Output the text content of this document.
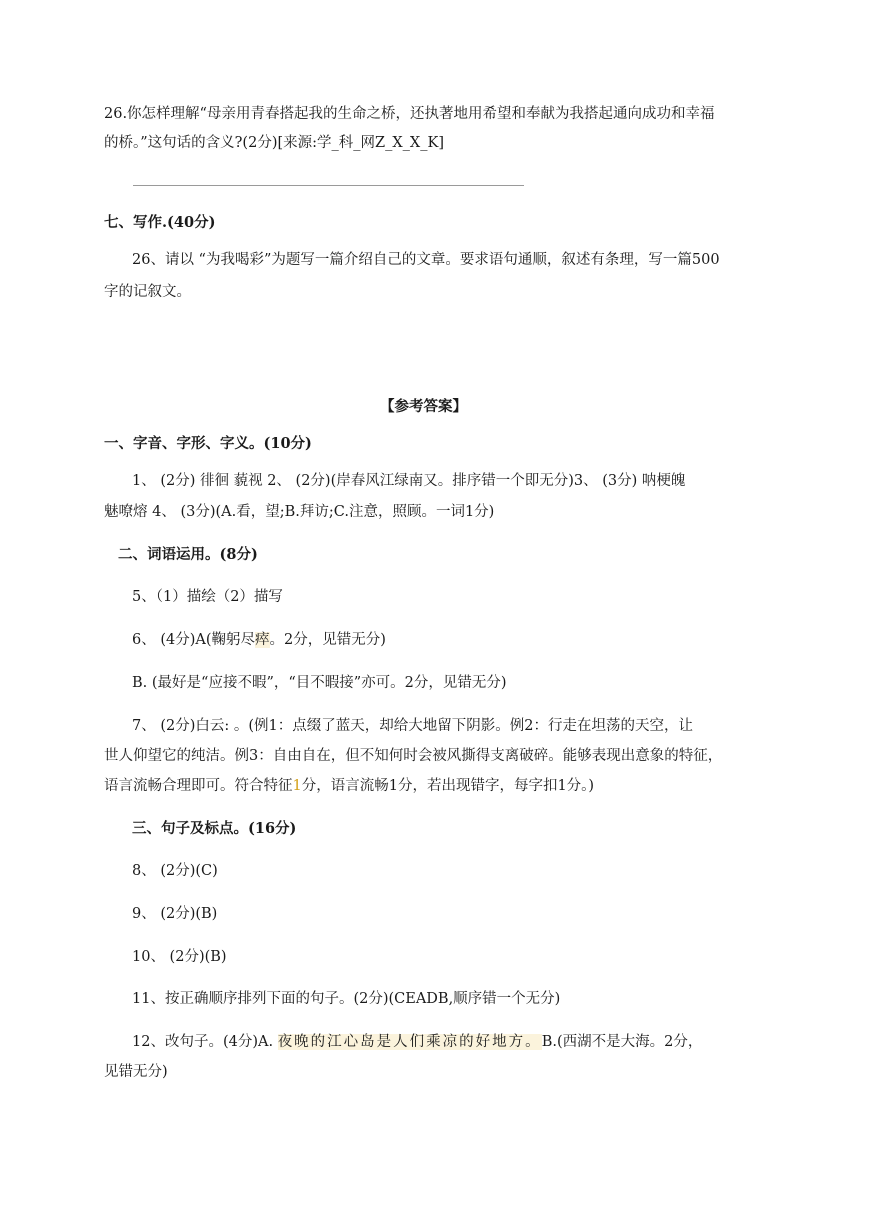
26.你怎样理解“母亲用青春搭起我的生命之桥，还执著地用希望和奉献为我搭起通向成功和幸福
的桥。”这句话的含义?(2分)[来源:学_科_网Z_X_X_K]
七、写作.(40分)
26、请以 “为我喝彩”为题写一篇介绍自己的文章。要求语句通顺，叙述有条理，写一篇500
字的记叙文。
【参考答案】
一、字音、字形、字义。(10分)
1、 (2分) 徘徊 藐视 2、 (2分)(岸春风江绿南又。排序错一个即无分)3、 (3分) 呐梗魄
魅嘹熔 4、 (3分)(A.看，望;B.拜访;C.注意，照顾。一词1分)
二、词语运用。(8分)
5、（1）描绘（2）描写
6、 (4分)A(鞠躬尽瘁。2分，见错无分)
B. (最好是“应接不暇”，“目不暇接”亦可。2分，见错无分)
7、 (2分)白云: 。(例1：点缀了蓝天，却给大地留下阴影。例2：行走在坦荡的天空，让
世人仰望它的纯洁。例3：自由自在，但不知何时会被风撕得支离破碎。能够表现出意象的特征，
语言流畅合理即可。符合特征1分，语言流畅1分，若出现错字，每字扣1分。)
三、句子及标点。(16分)
8、 (2分)(C)
9、 (2分)(B)
10、 (2分)(B)
11、按正确顺序排列下面的句子。(2分)(CEADB,顺序错一个无分)
12、改句子。(4分)A. 夜晚的江心岛是人们乘凉的好地方。B.(西湖不是大海。2分，
见错无分)
